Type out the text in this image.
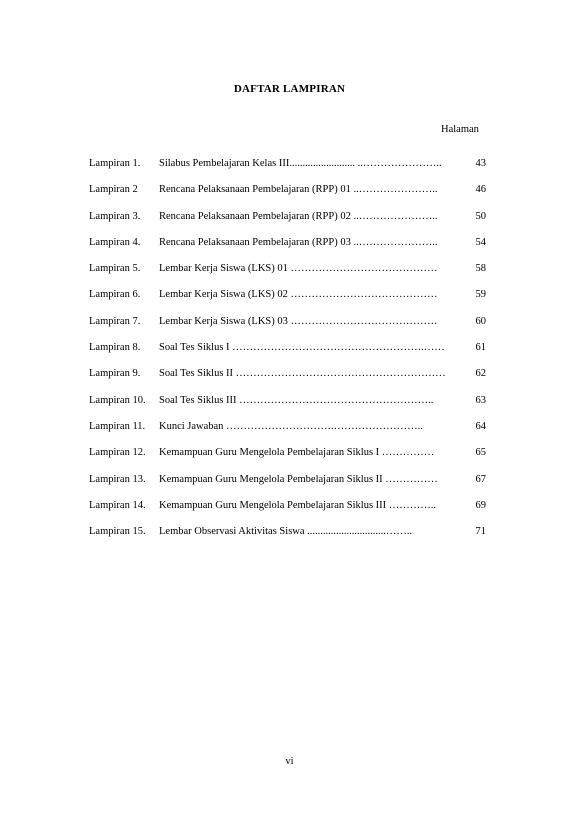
DAFTAR LAMPIRAN
Halaman
Lampiran 1. Silabus Pembelajaran Kelas III......................... ..…………………..	43
Lampiran 2 Rencana Pelaksanaan Pembelajaran (RPP) 01 ..…………………..	46
Lampiran 3. Rencana Pelaksanaan Pembelajaran (RPP) 02 ..…………………..	50
Lampiran 4. Rencana Pelaksanaan Pembelajaran (RPP) 03 ..…………………..	54
Lampiran 5. Lembar Kerja Siswa (LKS) 01 ……………………………………	58
Lampiran 6. Lembar Kerja Siswa (LKS) 02 ……………………………………	59
Lampiran 7. Lembar Kerja Siswa (LKS) 03 ……………………………………	60
Lampiran 8. Soal Tes Siklus I ……………………………………………….……	61
Lampiran 9. Soal Tes Siklus II ……………………………………………………	62
Lampiran 10. Soal Tes Siklus III ………………………………………………..	63
Lampiran 11. Kunci Jawaban ………………………….……………………..	64
Lampiran 12. Kemampuan Guru Mengelola Pembelajaran Siklus I ……………	65
Lampiran 13. Kemampuan Guru Mengelola Pembelajaran Siklus II ……………	67
Lampiran 14. Kemampuan Guru Mengelola Pembelajaran Siklus III …………..	69
Lampiran 15. Lembar Observasi Aktivitas Siswa ..............................……..	71
vi
